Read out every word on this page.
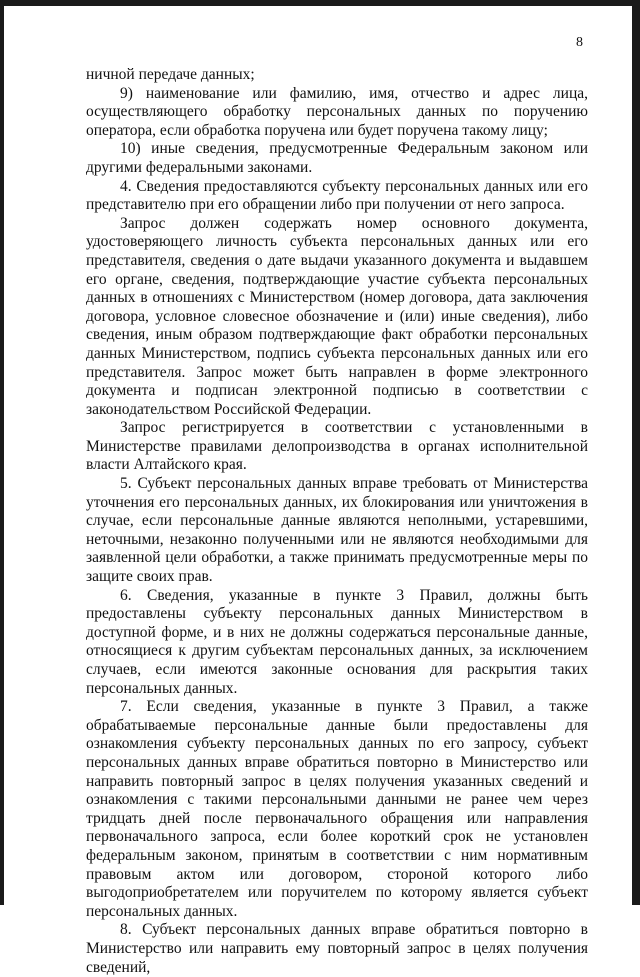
8

ничной передаче данных;

9) наименование или фамилию, имя, отчество и адрес лица, осуществляющего обработку персональных данных по поручению оператора, если обработка поручена или будет поручена такому лицу;

10) иные сведения, предусмотренные Федеральным законом или другими федеральными законами.

4. Сведения предоставляются субъекту персональных данных или его представителю при его обращении либо при получении от него запроса.

Запрос должен содержать номер основного документа, удостоверяющего личность субъекта персональных данных или его представителя, сведения о дате выдачи указанного документа и выдавшем его органе, сведения, подтверждающие участие субъекта персональных данных в отношениях с Министерством (номер договора, дата заключения договора, условное словесное обозначение и (или) иные сведения), либо сведения, иным образом подтверждающие факт обработки персональных данных Министерством, подпись субъекта персональных данных или его представителя. Запрос может быть направлен в форме электронного документа и подписан электронной подписью в соответствии с законодательством Российской Федерации.

Запрос регистрируется в соответствии с установленными в Министерстве правилами делопроизводства в органах исполнительной власти Алтайского края.

5. Субъект персональных данных вправе требовать от Министерства уточнения его персональных данных, их блокирования или уничтожения в случае, если персональные данные являются неполными, устаревшими, неточными, незаконно полученными или не являются необходимыми для заявленной цели обработки, а также принимать предусмотренные меры по защите своих прав.

6. Сведения, указанные в пункте 3 Правил, должны быть предоставлены субъекту персональных данных Министерством в доступной форме, и в них не должны содержаться персональные данные, относящиеся к другим субъектам персональных данных, за исключением случаев, если имеются законные основания для раскрытия таких персональных данных.

7. Если сведения, указанные в пункте 3 Правил, а также обрабатываемые персональные данные были предоставлены для ознакомления субъекту персональных данных по его запросу, субъект персональных данных вправе обратиться повторно в Министерство или направить повторный запрос в целях получения указанных сведений и ознакомления с такими персональными данными не ранее чем через тридцать дней после первоначального обращения или направления первоначального запроса, если более короткий срок не установлен федеральным законом, принятым в соответствии с ним нормативным правовым актом или договором, стороной которого либо выгодоприобретателем или поручителем по которому является субъект персональных данных.

8. Субъект персональных данных вправе обратиться повторно в Министерство или направить ему повторный запрос в целях получения сведений,
